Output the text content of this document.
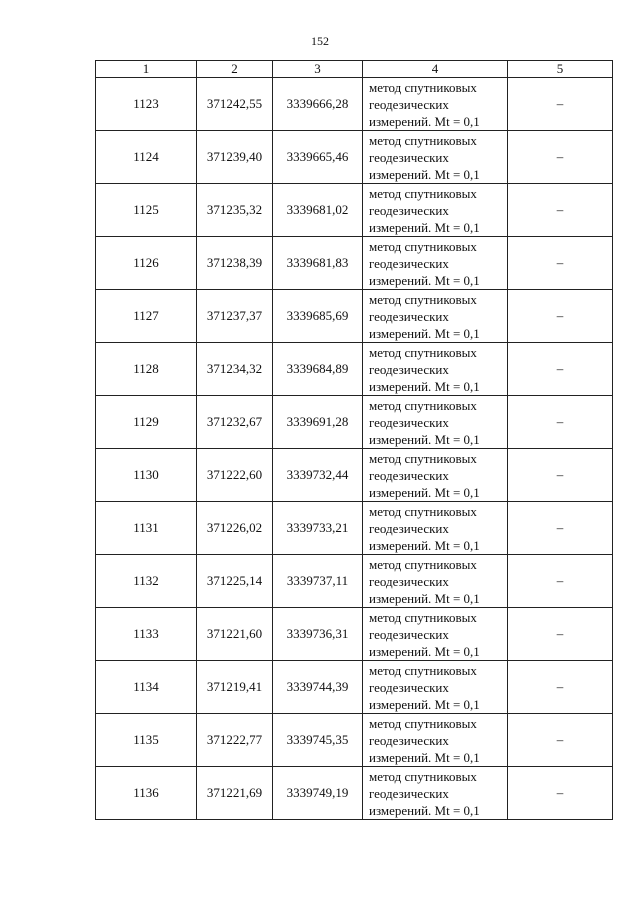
152
1	2	3	4	5
1123	371242,55	3339666,28	метод спутниковых
геодезических
измерений. Mt = 0,1	–
1124	371239,40	3339665,46	метод спутниковых
геодезических
измерений. Mt = 0,1	–
1125	371235,32	3339681,02	метод спутниковых
геодезических
измерений. Mt = 0,1	–
1126	371238,39	3339681,83	метод спутниковых
геодезических
измерений. Mt = 0,1	–
1127	371237,37	3339685,69	метод спутниковых
геодезических
измерений. Mt = 0,1	–
1128	371234,32	3339684,89	метод спутниковых
геодезических
измерений. Mt = 0,1	–
1129	371232,67	3339691,28	метод спутниковых
геодезических
измерений. Mt = 0,1	–
1130	371222,60	3339732,44	метод спутниковых
геодезических
измерений. Mt = 0,1	–
1131	371226,02	3339733,21	метод спутниковых
геодезических
измерений. Mt = 0,1	–
1132	371225,14	3339737,11	метод спутниковых
геодезических
измерений. Mt = 0,1	–
1133	371221,60	3339736,31	метод спутниковых
геодезических
измерений. Mt = 0,1	–
1134	371219,41	3339744,39	метод спутниковых
геодезических
измерений. Mt = 0,1	–
1135	371222,77	3339745,35	метод спутниковых
геодезических
измерений. Mt = 0,1	–
1136	371221,69	3339749,19	метод спутниковых
геодезических
измерений. Mt = 0,1	–
